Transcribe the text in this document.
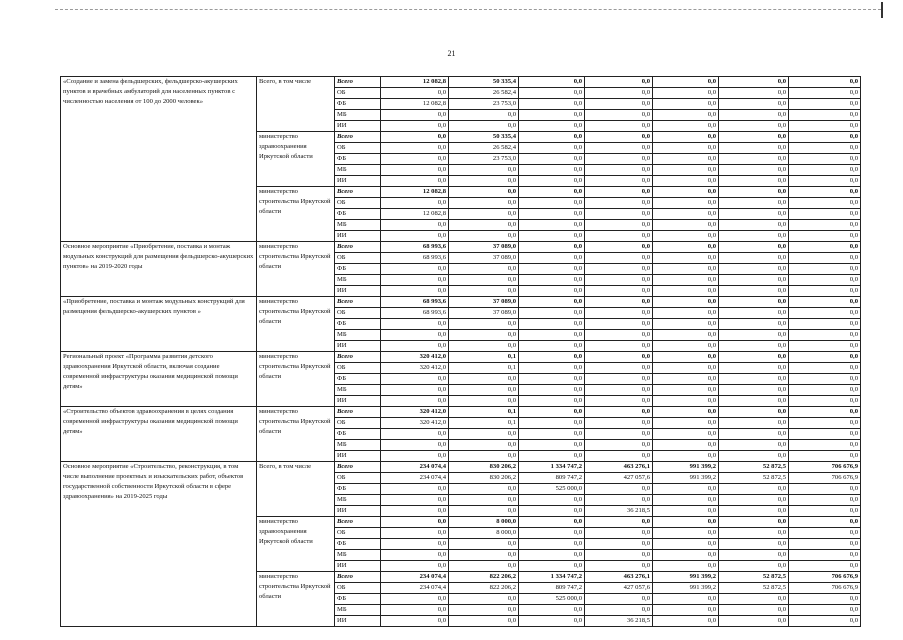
21
«Создание и замена фельдшерских, фельдшерско-акушерских пунктов и врачебных амбулаторий для населенных пунктов с численностью населения от 100 до 2000 человек»	Всего, в том числе	Всего	12 082,8	50 335,4	0,0	0,0	0,0	0,0	0,0
		ОБ	0,0	26 582,4	0,0	0,0	0,0	0,0	0,0
		ФБ	12 082,8	23 753,0	0,0	0,0	0,0	0,0	0,0
		МБ	0,0	0,0	0,0	0,0	0,0	0,0	0,0
		ИИ	0,0	0,0	0,0	0,0	0,0	0,0	0,0
	министерство здравоохранения Иркутской области	Всего	0,0	50 335,4	0,0	0,0	0,0	0,0	0,0
		ОБ	0,0	26 582,4	0,0	0,0	0,0	0,0	0,0
		ФБ	0,0	23 753,0	0,0	0,0	0,0	0,0	0,0
		МБ	0,0	0,0	0,0	0,0	0,0	0,0	0,0
		ИИ	0,0	0,0	0,0	0,0	0,0	0,0	0,0
	министерство строительства Иркутской области	Всего	12 082,8	0,0	0,0	0,0	0,0	0,0	0,0
		ОБ	0,0	0,0	0,0	0,0	0,0	0,0	0,0
		ФБ	12 082,8	0,0	0,0	0,0	0,0	0,0	0,0
		МБ	0,0	0,0	0,0	0,0	0,0	0,0	0,0
		ИИ	0,0	0,0	0,0	0,0	0,0	0,0	0,0
Основное мероприятие «Приобретение, поставка и монтаж модульных конструкций для размещения фельдшерско-акушерских пунктов» на 2019-2020 годы	министерство строительства Иркутской области	Всего	68 993,6	37 089,0	0,0	0,0	0,0	0,0	0,0
		ОБ	68 993,6	37 089,0	0,0	0,0	0,0	0,0	0,0
		ФБ	0,0	0,0	0,0	0,0	0,0	0,0	0,0
		МБ	0,0	0,0	0,0	0,0	0,0	0,0	0,0
		ИИ	0,0	0,0	0,0	0,0	0,0	0,0	0,0
«Приобретение, поставка и монтаж модульных конструкций для размещения фельдшерско-акушерских пунктов »	министерство строительства Иркутской области	Всего	68 993,6	37 089,0	0,0	0,0	0,0	0,0	0,0
		ОБ	68 993,6	37 089,0	0,0	0,0	0,0	0,0	0,0
		ФБ	0,0	0,0	0,0	0,0	0,0	0,0	0,0
		МБ	0,0	0,0	0,0	0,0	0,0	0,0	0,0
		ИИ	0,0	0,0	0,0	0,0	0,0	0,0	0,0
Региональный проект «Программа развития детского здравоохранения Иркутской области, включая создание современной инфраструктуры оказания медицинской помощи детям»	министерство строительства Иркутской области	Всего	320 412,0	0,1	0,0	0,0	0,0	0,0	0,0
		ОБ	320 412,0	0,1	0,0	0,0	0,0	0,0	0,0
		ФБ	0,0	0,0	0,0	0,0	0,0	0,0	0,0
		МБ	0,0	0,0	0,0	0,0	0,0	0,0	0,0
		ИИ	0,0	0,0	0,0	0,0	0,0	0,0	0,0
«Строительство объектов здравоохранения в целях создания современной инфраструктуры оказания медицинской помощи детям»	министерство строительства Иркутской области	Всего	320 412,0	0,1	0,0	0,0	0,0	0,0	0,0
		ОБ	320 412,0	0,1	0,0	0,0	0,0	0,0	0,0
		ФБ	0,0	0,0	0,0	0,0	0,0	0,0	0,0
		МБ	0,0	0,0	0,0	0,0	0,0	0,0	0,0
		ИИ	0,0	0,0	0,0	0,0	0,0	0,0	0,0
Основное мероприятие «Строительство, реконструкция, в том числе выполнение проектных и изыскательских работ, объектов государственной собственности Иркутской области в сфере здравоохранения» на 2019-2025 годы	Всего, в том числе	Всего	234 074,4	830 206,2	1 334 747,2	463 276,1	991 399,2	52 872,5	706 676,9
		ОБ	234 074,4	830 206,2	809 747,2	427 057,6	991 399,2	52 872,5	706 676,9
		ФБ	0,0	0,0	525 000,0	0,0	0,0	0,0	0,0
		МБ	0,0	0,0	0,0	0,0	0,0	0,0	0,0
		ИИ	0,0	0,0	0,0	36 218,5	0,0	0,0	0,0
	министерство здравоохранения Иркутской области	Всего	0,0	8 000,0	0,0	0,0	0,0	0,0	0,0
		ОБ	0,0	8 000,0	0,0	0,0	0,0	0,0	0,0
		ФБ	0,0	0,0	0,0	0,0	0,0	0,0	0,0
		МБ	0,0	0,0	0,0	0,0	0,0	0,0	0,0
		ИИ	0,0	0,0	0,0	0,0	0,0	0,0	0,0
	министерство строительства Иркутской области	Всего	234 074,4	822 206,2	1 334 747,2	463 276,1	991 399,2	52 872,5	706 676,9
		ОБ	234 074,4	822 206,2	809 747,2	427 057,6	991 399,2	52 872,5	706 676,9
		ФБ	0,0	0,0	525 000,0	0,0	0,0	0,0	0,0
		МБ	0,0	0,0	0,0	0,0	0,0	0,0	0,0
		ИИ	0,0	0,0	0,0	36 218,5	0,0	0,0	0,0
